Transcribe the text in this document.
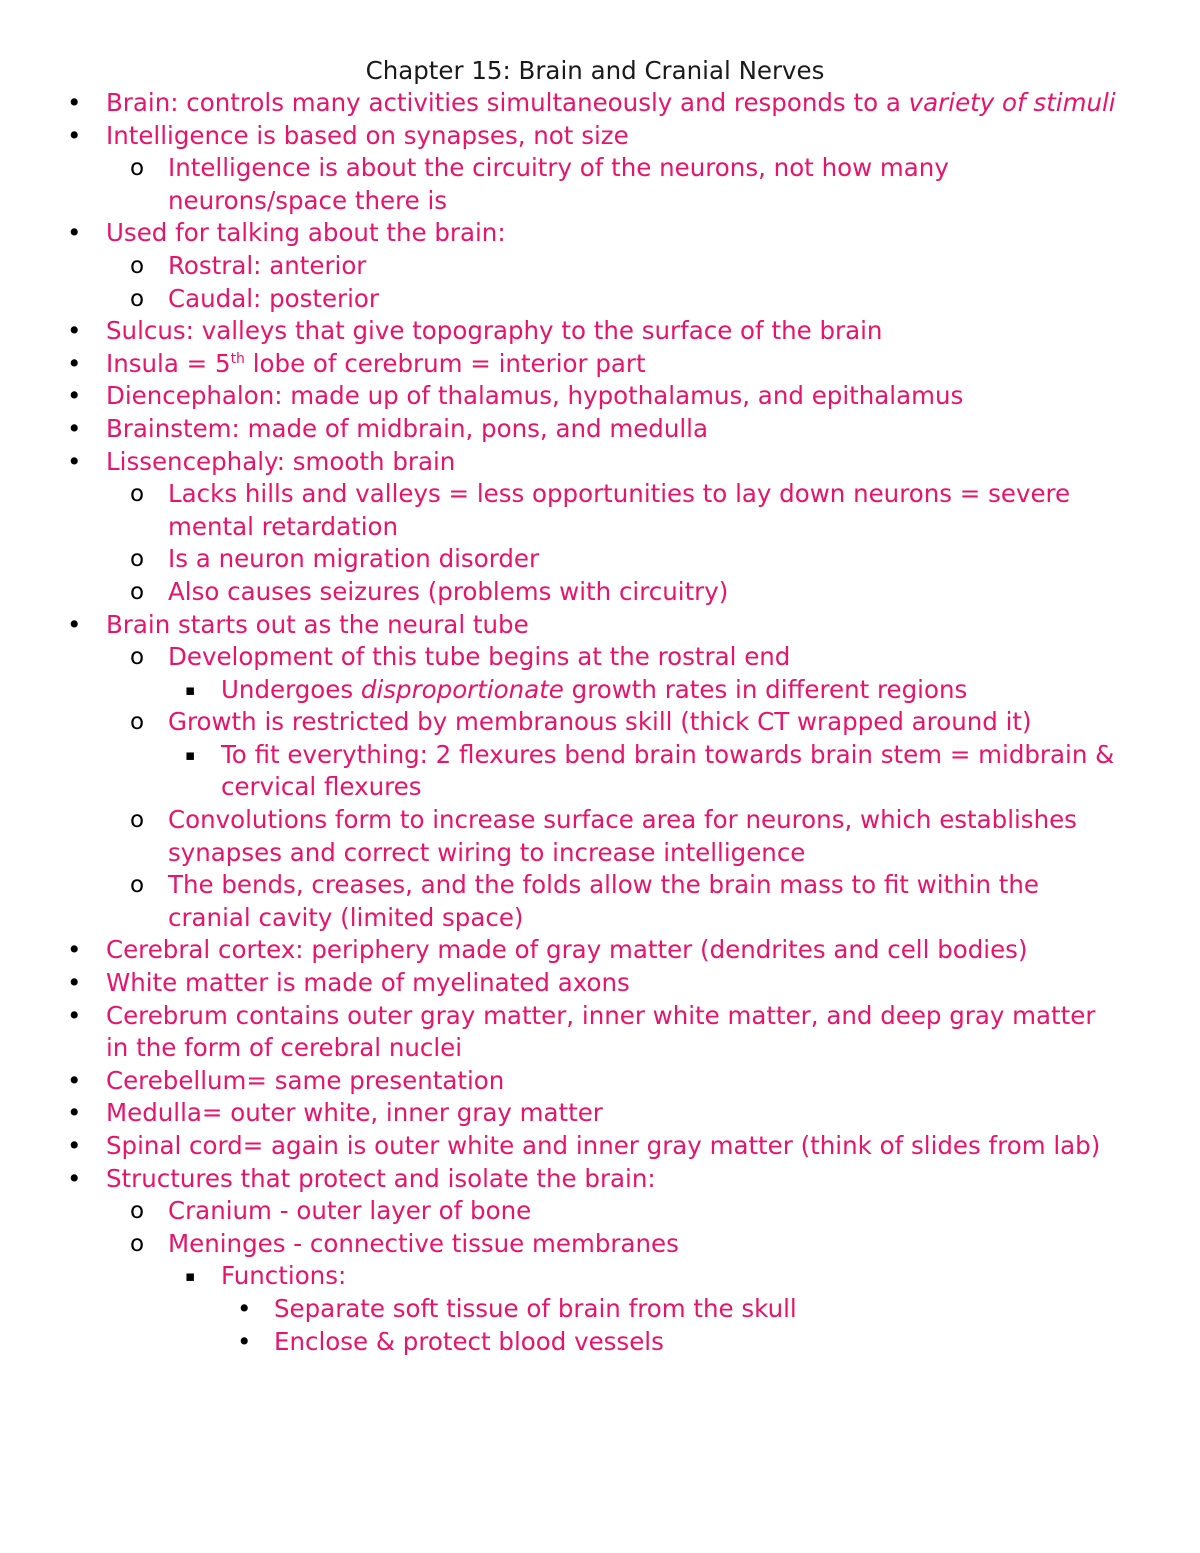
Chapter 15: Brain and Cranial Nerves
• Brain: controls many activities simultaneously and responds to a variety of stimuli
• Intelligence is based on synapses, not size
o Intelligence is about the circuitry of the neurons, not how many neurons/space there is
• Used for talking about the brain:
o Rostral: anterior
o Caudal: posterior
• Sulcus: valleys that give topography to the surface of the brain
• Insula = 5th lobe of cerebrum = interior part
• Diencephalon: made up of thalamus, hypothalamus, and epithalamus
• Brainstem: made of midbrain, pons, and medulla
• Lissencephaly: smooth brain
o Lacks hills and valleys = less opportunities to lay down neurons = severe mental retardation
o Is a neuron migration disorder
o Also causes seizures (problems with circuitry)
• Brain starts out as the neural tube
o Development of this tube begins at the rostral end
▪ Undergoes disproportionate growth rates in different regions
o Growth is restricted by membranous skill (thick CT wrapped around it)
▪ To fit everything: 2 flexures bend brain towards brain stem = midbrain & cervical flexures
o Convolutions form to increase surface area for neurons, which establishes synapses and correct wiring to increase intelligence
o The bends, creases, and the folds allow the brain mass to fit within the cranial cavity (limited space)
• Cerebral cortex: periphery made of gray matter (dendrites and cell bodies)
• White matter is made of myelinated axons
• Cerebrum contains outer gray matter, inner white matter, and deep gray matter in the form of cerebral nuclei
• Cerebellum= same presentation
• Medulla= outer white, inner gray matter
• Spinal cord= again is outer white and inner gray matter (think of slides from lab)
• Structures that protect and isolate the brain:
o Cranium - outer layer of bone
o Meninges - connective tissue membranes
▪ Functions:
• Separate soft tissue of brain from the skull
• Enclose & protect blood vessels
